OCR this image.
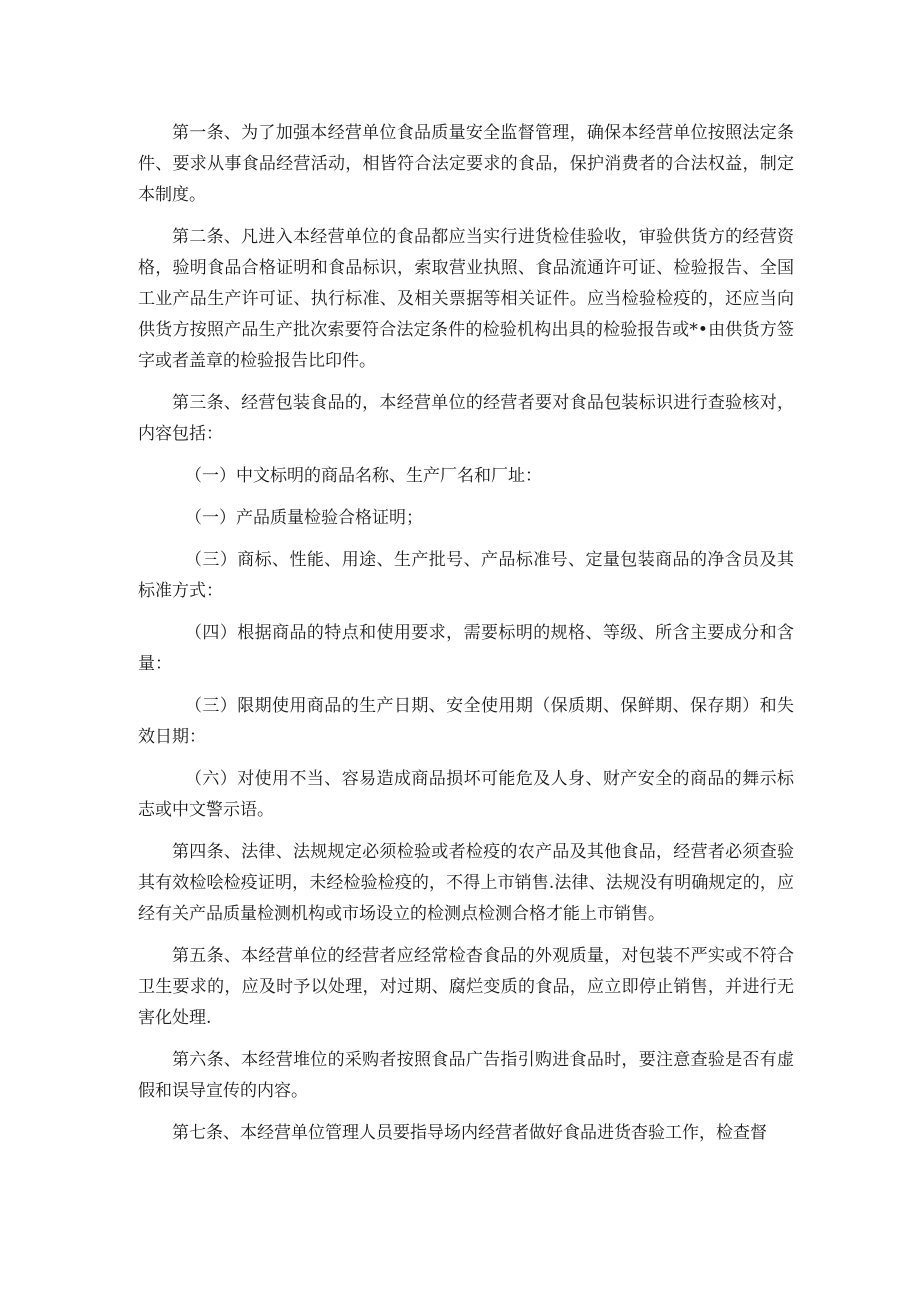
第一条、为了加强本经营单位食品质量安全监督管理，确保本经营单位按照法定条件、要求从事食品经营活动，相皆符合法定要求的食品，保护消费者的合法权益，制定本制度。

第二条、凡进入本经营单位的食品都应当实行进货检佳验收，审验供货方的经营资格，验明食品合格证明和食品标识，索取营业执照、食品流通许可证、检验报告、全国工业产品生产许可证、执行标准、及相关票据等相关证件。应当检验检疫的，还应当向供货方按照产品生产批次索要符合法定条件的检验机构出具的检验报告或*•由供货方签字或者盖章的检验报告比印件。

第三条、经营包装食品的，本经营单位的经营者要对食品包装标识进行查验核对，内容包括：

（一）中文标明的商品名称、生产厂名和厂址：

（一）产品质量检验合格证明；

（三）商标、性能、用途、生产批号、产品标准号、定量包装商品的净含员及其标准方式：

（四）根据商品的特点和使用要求，需要标明的规格、等级、所含主要成分和含量：

（三）限期使用商品的生产日期、安全使用期（保质期、保鲜期、保存期）和失效日期：

（六）对使用不当、容易造成商品损坏可能危及人身、财产安全的商品的舞示标志或中文警示语。

第四条、法律、法规规定必须检验或者检疫的农产品及其他食品，经营者必须查验其有效检哙检疫证明，未经检验检疫的，不得上市销售.法律、法规没有明确规定的，应经有关产品质量检测机构或市场设立的检测点检测合格才能上市销售。

第五条、本经营单位的经营者应经常检杳食品的外观质量，对包装不严实或不符合卫生要求的，应及时予以处理，对过期、腐烂变质的食品，应立即停止销售，并进行无害化处理.

第六条、本经营堆位的采购者按照食品广告指引购进食品时，要注意查验是否有虚假和误导宣传的内容。

第七条、本经营单位管理人员要指导场内经营者做好食品进货杳验工作，检查督
